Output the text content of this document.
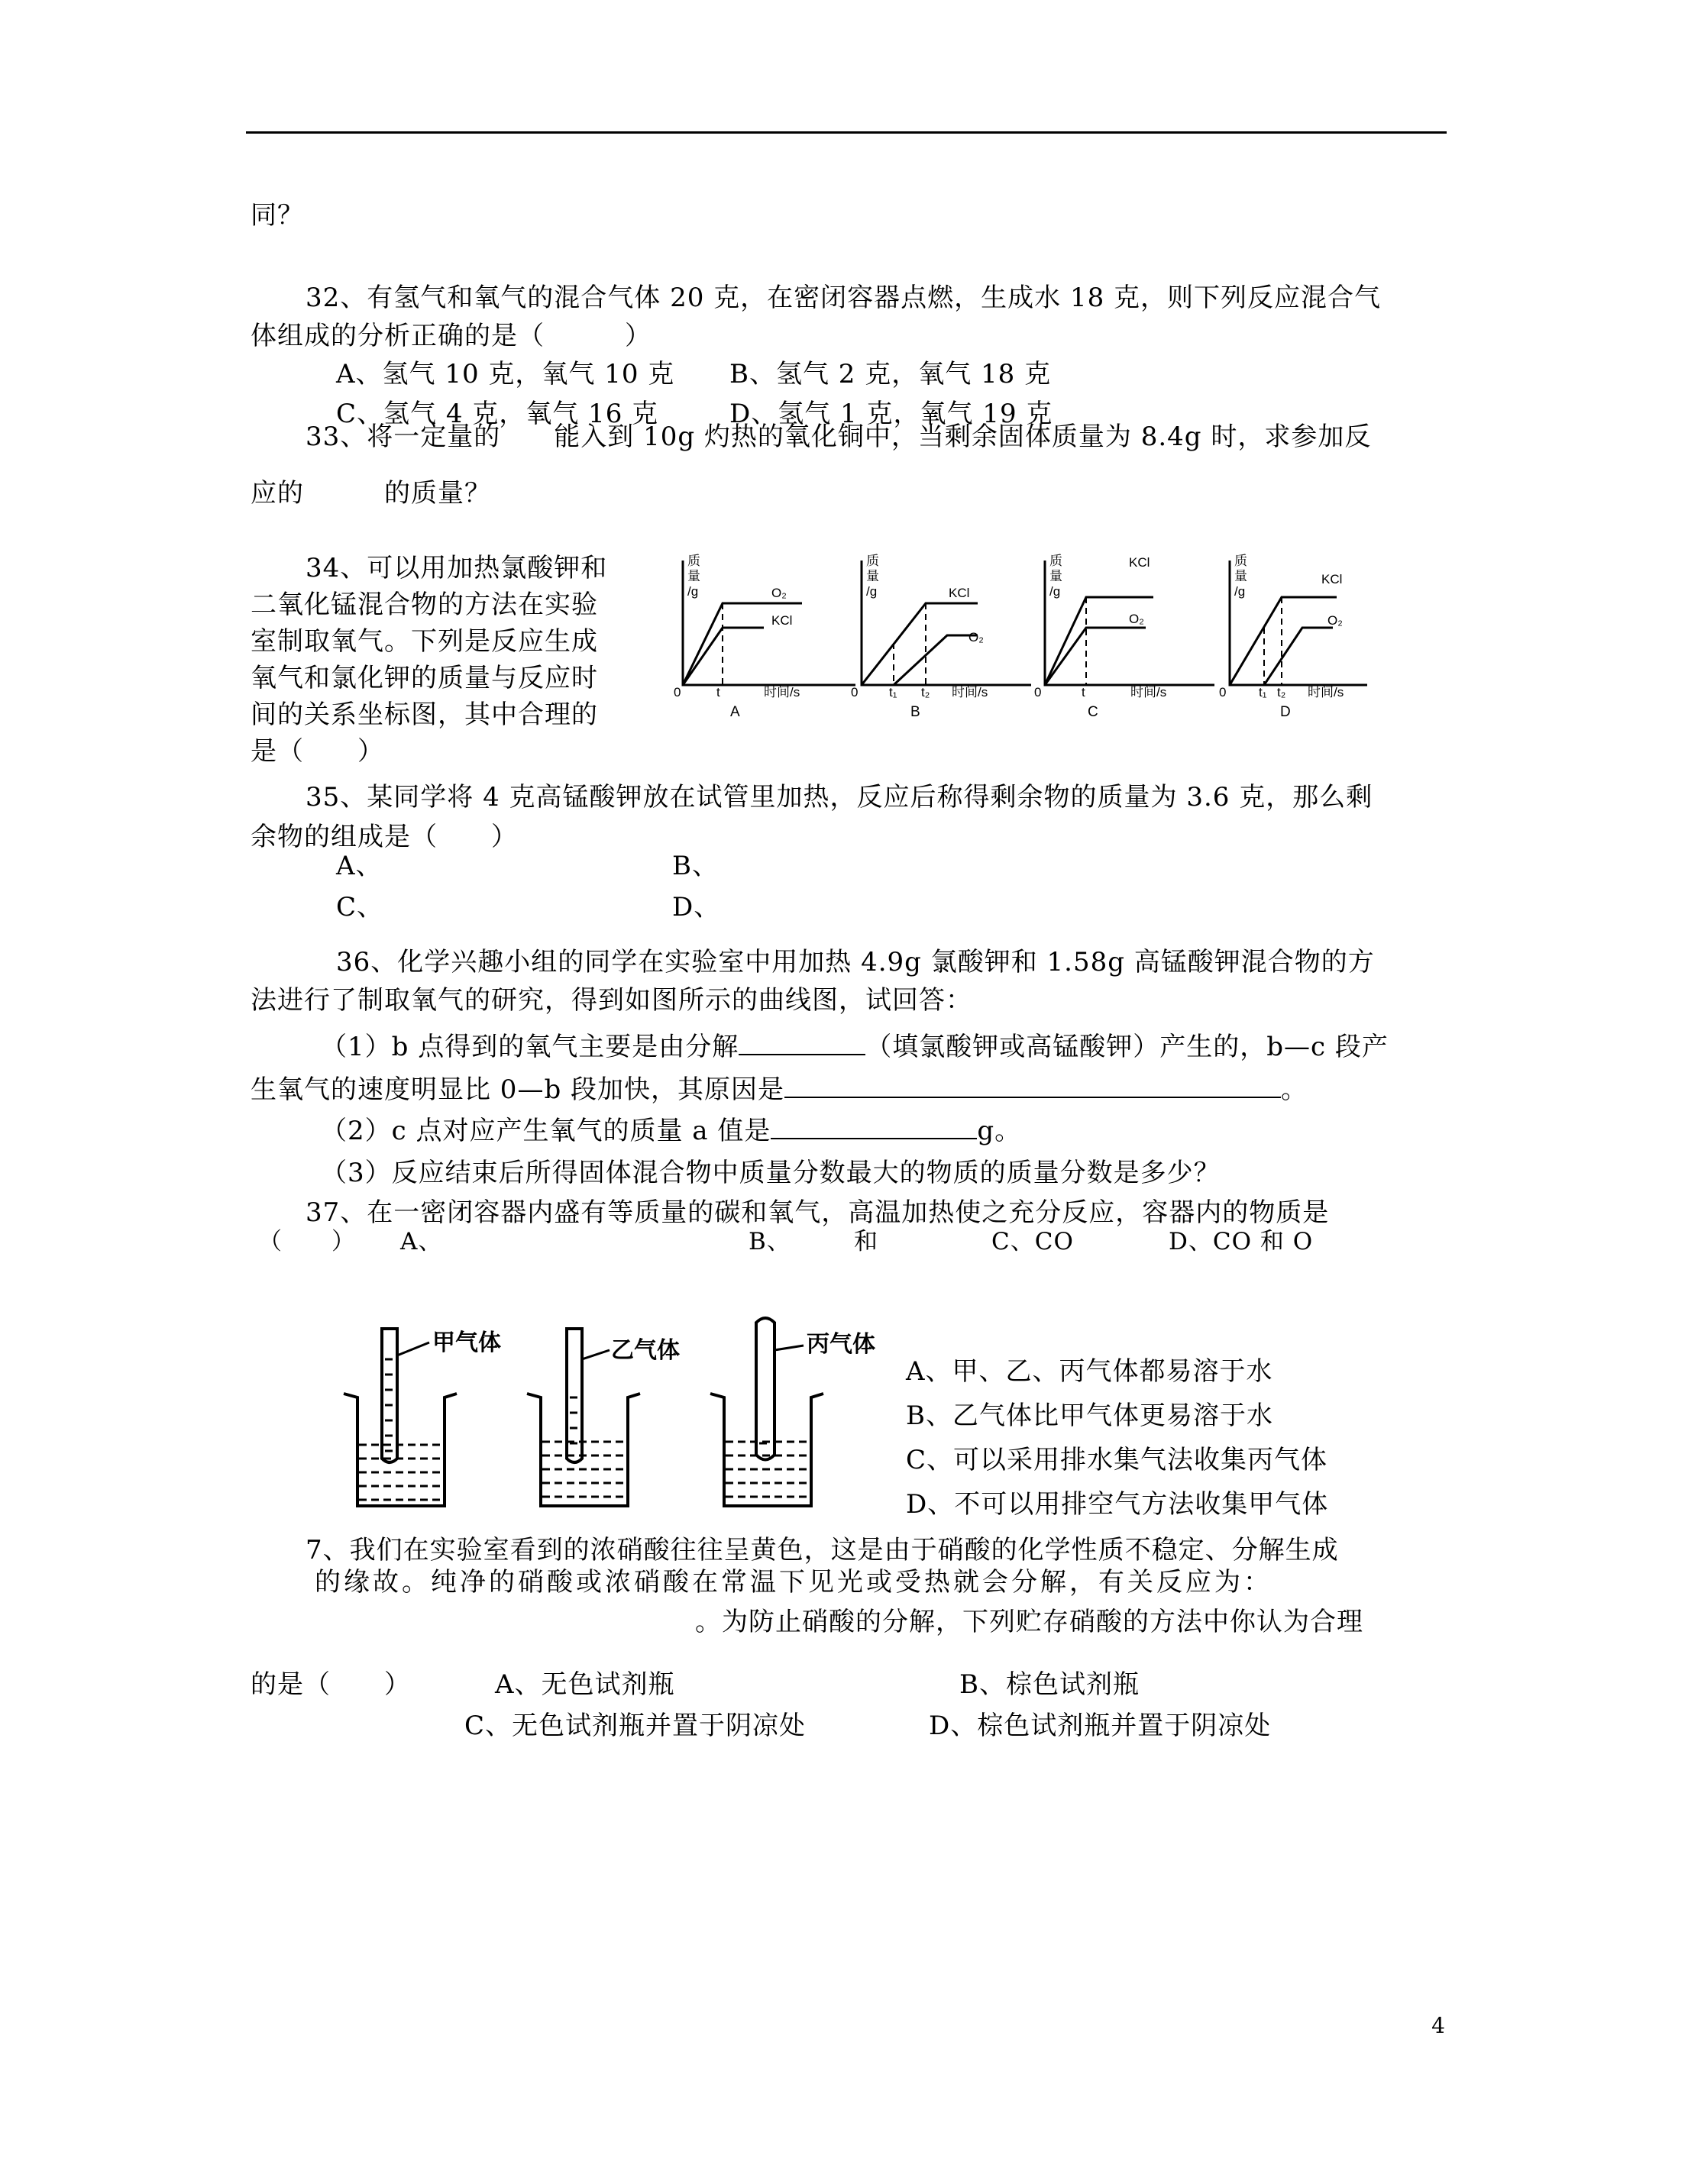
同？
32、有氢气和氧气的混合气体 20 克，在密闭容器点燃，生成水 18 克，则下列反应混合气
体组成的分析正确的是（　　　）
A、氢气 10 克，氧气 10 克 B、氢气 2 克，氧气 18 克
C、氢气 4 克，氧气 16 克	D、氢气 1 克，氧气 19 克
33、将一定量的　　能入到 10g 灼热的氧化铜中，当剩余固体质量为 8.4g 时，求参加反
应的　　　的质量？
34、可以用加热氯酸钾和
二氧化锰混合物的方法在实验
室制取氧气。下列是反应生成
氧气和氯化钾的质量与反应时
间的关系坐标图，其中合理的
是（　　）
质
量
/g	O₂
KCl
0	t	时间/s
A
质
量
/g	KCl
O₂
0 t₁ t₂ 时间/s
B
质
量
/g
KCl
O₂
0	t	时间/s
C
质
量
/g
KCl
O₂
0	t₁ t₂ 时间/s
D
35、某同学将 4 克高锰酸钾放在试管里加热，反应后称得剩余物的质量为 3.6 克，那么剩
余物的组成是（　　）
A、	B、
C、	D、
36、化学兴趣小组的同学在实验室中用加热 4.9g 氯酸钾和 1.58g 高锰酸钾混合物的方
法进行了制取氧气的研究，得到如图所示的曲线图，试回答：
（1）b 点得到的氧气主要是由分解	（填氯酸钾或高锰酸钾）产生的，b—c 段产
生氧气的速度明显比 0—b 段加快，其原因是	。
（2）c 点对应产生氧气的质量 a 值是	g。
（3）反应结束后所得固体混合物中质量分数最大的物质的质量分数是多少？
37、在一密闭容器内盛有等质量的碳和氧气，高温加热使之充分反应，容器内的物质是
（　　） A、	B、	和	C、CO	D、CO 和 O
甲气体	乙气体	丙气体
A、甲、乙、丙气体都易溶于水
B、乙气体比甲气体更易溶于水
C、可以采用排水集气法收集丙气体
D、不可以用排空气方法收集甲气体
7、我们在实验室看到的浓硝酸往往呈黄色，这是由于硝酸的化学性质不稳定、分解生成
的缘故。纯净的硝酸或浓硝酸在常温下见光或受热就会分解，有关反应为：
。为防止硝酸的分解，下列贮存硝酸的方法中你认为合理
的是（　　）	A、无色试剂瓶	B、棕色试剂瓶
C、无色试剂瓶并置于阴凉处	D、棕色试剂瓶并置于阴凉处
4
